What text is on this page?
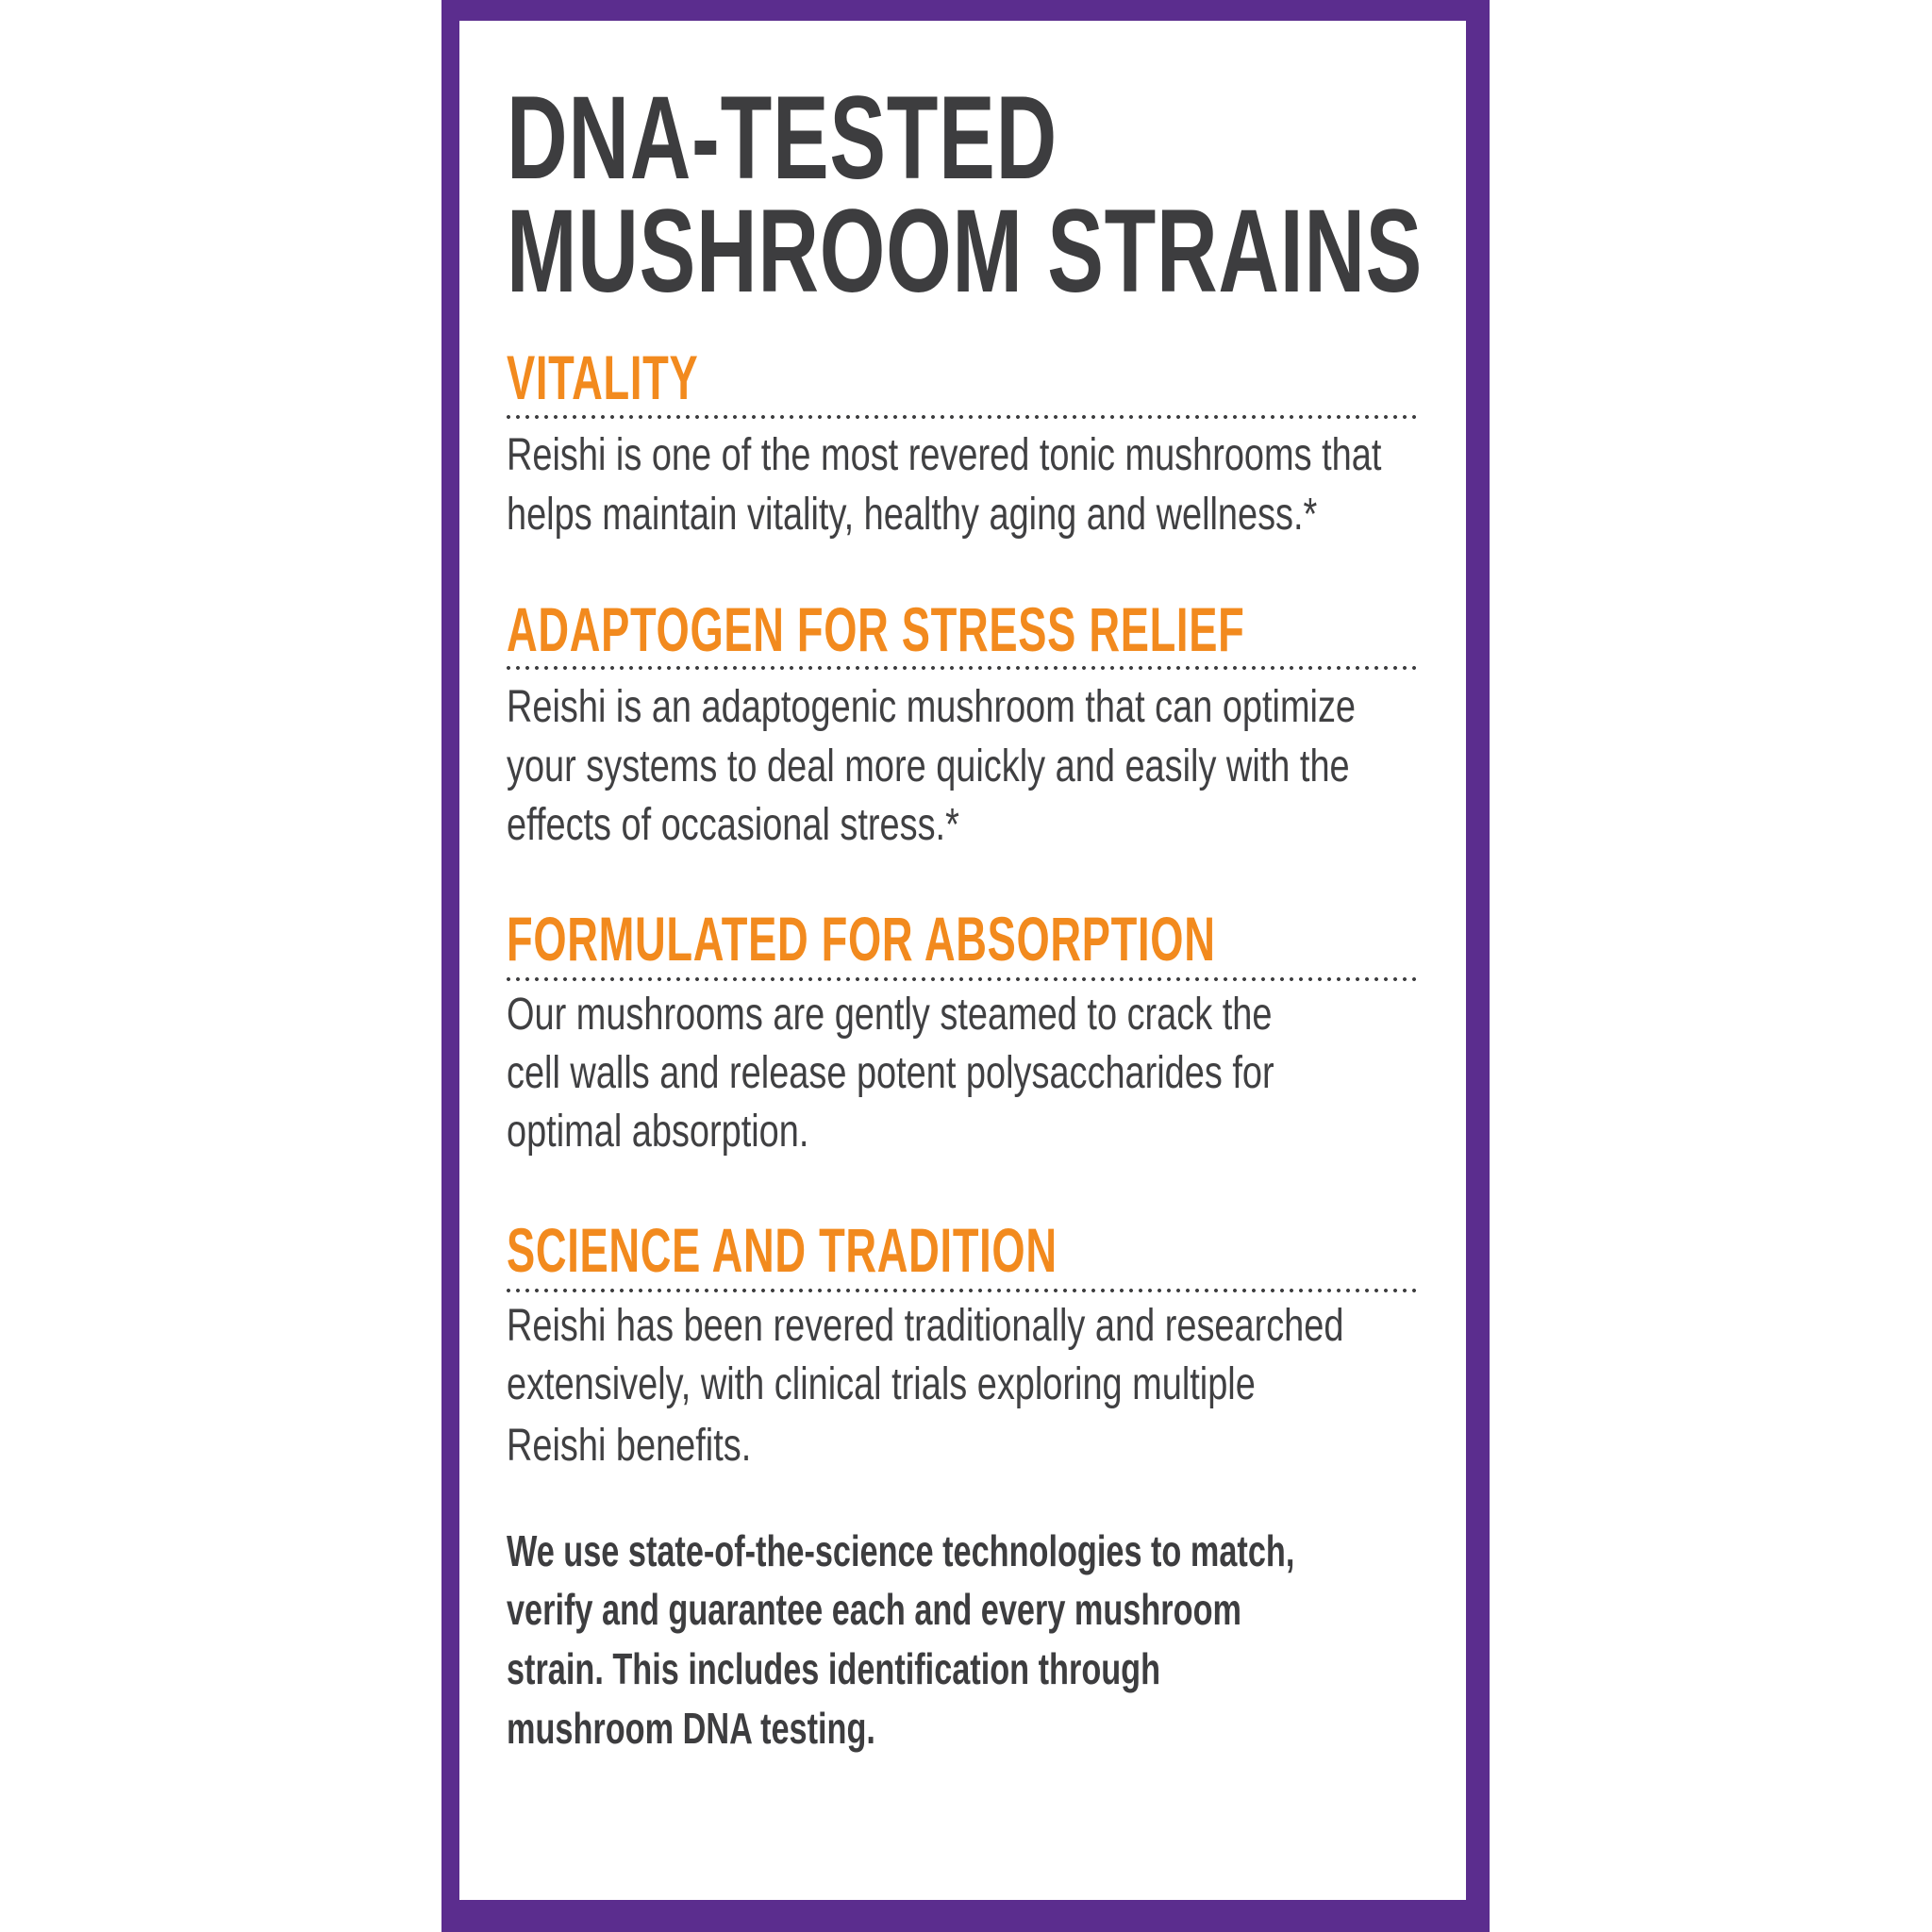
DNA-TESTED
MUSHROOM STRAINS
VITALITY
Reishi is one of the most revered tonic mushrooms that
helps maintain vitality, healthy aging and wellness.*
ADAPTOGEN FOR STRESS RELIEF
Reishi is an adaptogenic mushroom that can optimize
your systems to deal more quickly and easily with the
effects of occasional stress.*
FORMULATED FOR ABSORPTION
Our mushrooms are gently steamed to crack the
cell walls and release potent polysaccharides for
optimal absorption.
SCIENCE AND TRADITION
Reishi has been revered traditionally and researched
extensively, with clinical trials exploring multiple
Reishi benefits.
We use state-of-the-science technologies to match,
verify and guarantee each and every mushroom
strain. This includes identification through
mushroom DNA testing.
